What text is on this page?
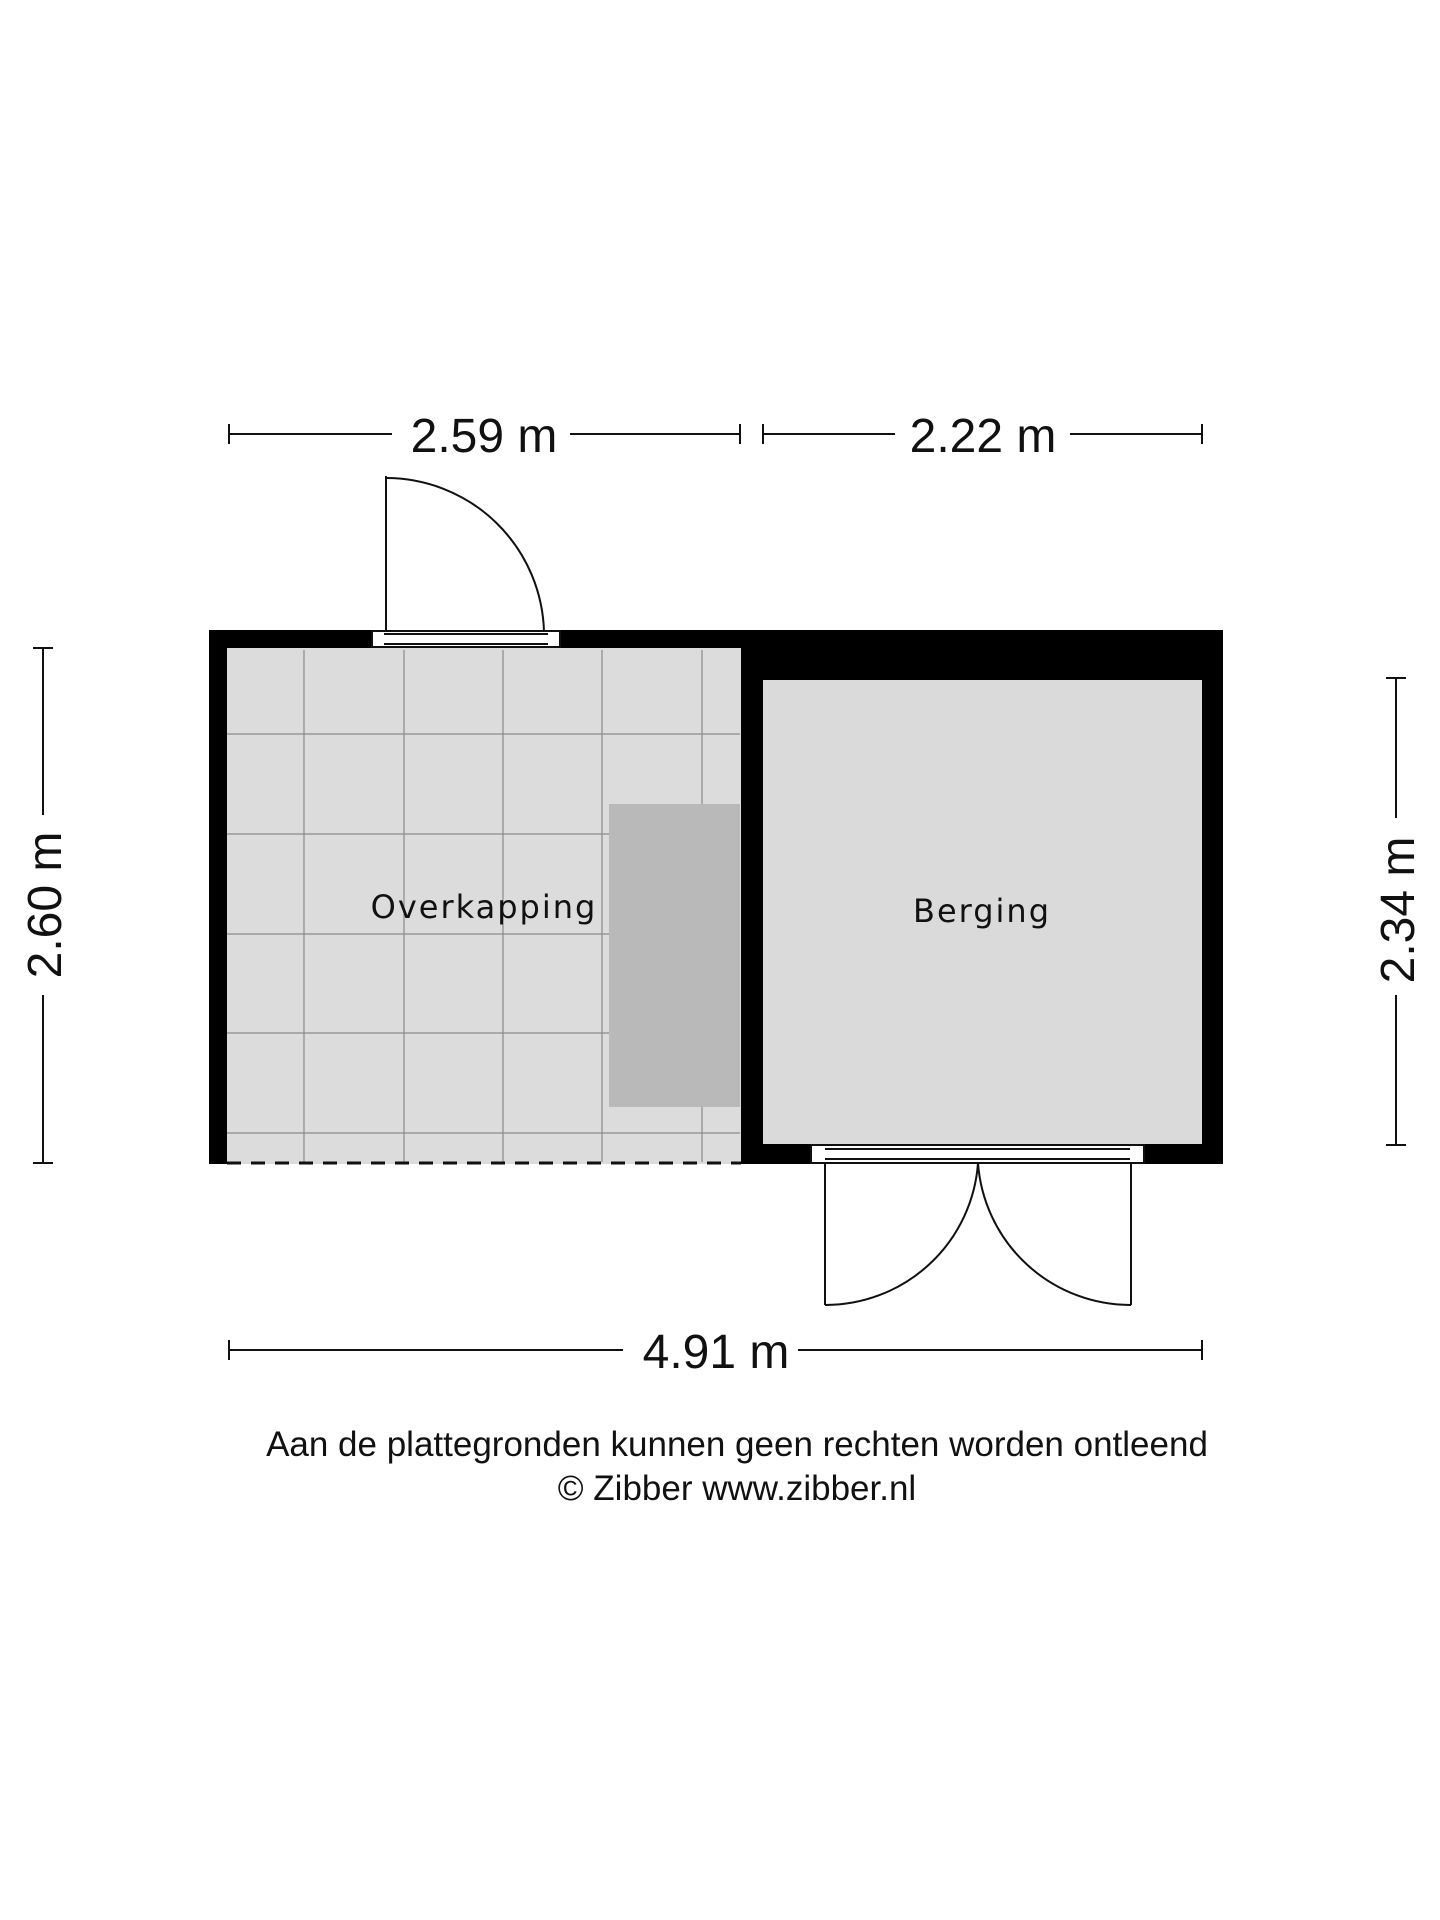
2.59 m	2.22 m
2.60 m	2.34 m
Overkapping	Berging
4.91 m
Aan de plattegronden kunnen geen rechten worden ontleend
© Zibber www.zibber.nl
